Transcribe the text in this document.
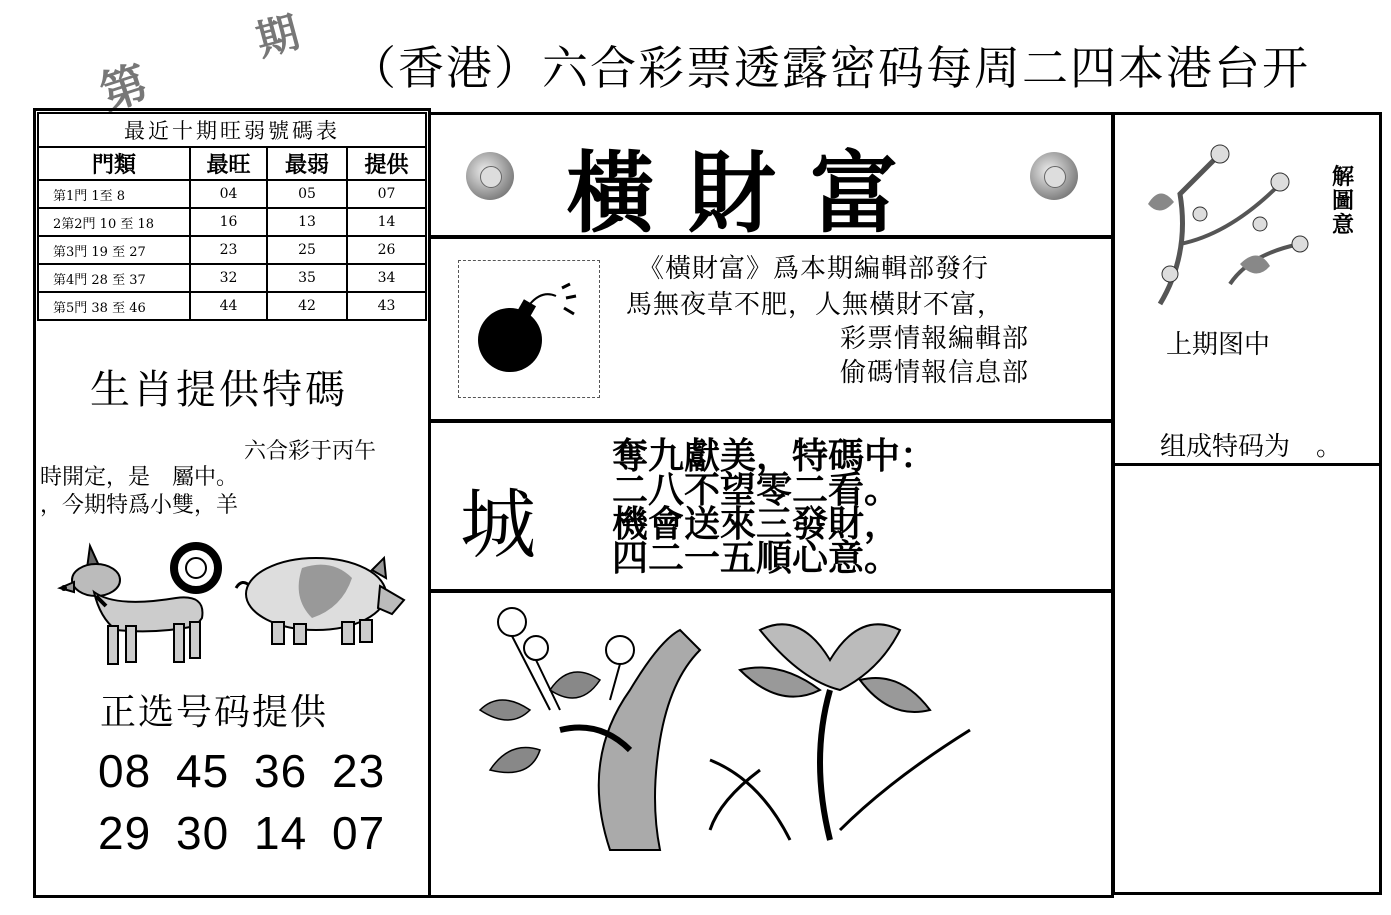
第
期
（香港）六合彩票透露密码每周二四本港台开
最近十期旺弱號碼表			
門類	最旺	最弱	提供
第1門 1至 8	04	05	07
2第2門 10 至 18	16	13	14
第3門 19 至 27	23	25	26
第4門 28 至 37	32	35	34
第5門 38 至 46	44	42	43
生肖提供特碼
六合彩于丙午
時開定，是　屬中。
，今期特爲小雙，羊
正选号码提供
08 45 36 23
29 30 14 07
橫財富
《橫財富》爲本期編輯部發行
馬無夜草不肥，人無橫財不富，
彩票情報編輯部
偷碼情報信息部
城
奪九獻美，特碼中：
二八不望零二看。
機會送來三發財，
四二一五順心意。
解圖意
上期图中
组成特码为　。
